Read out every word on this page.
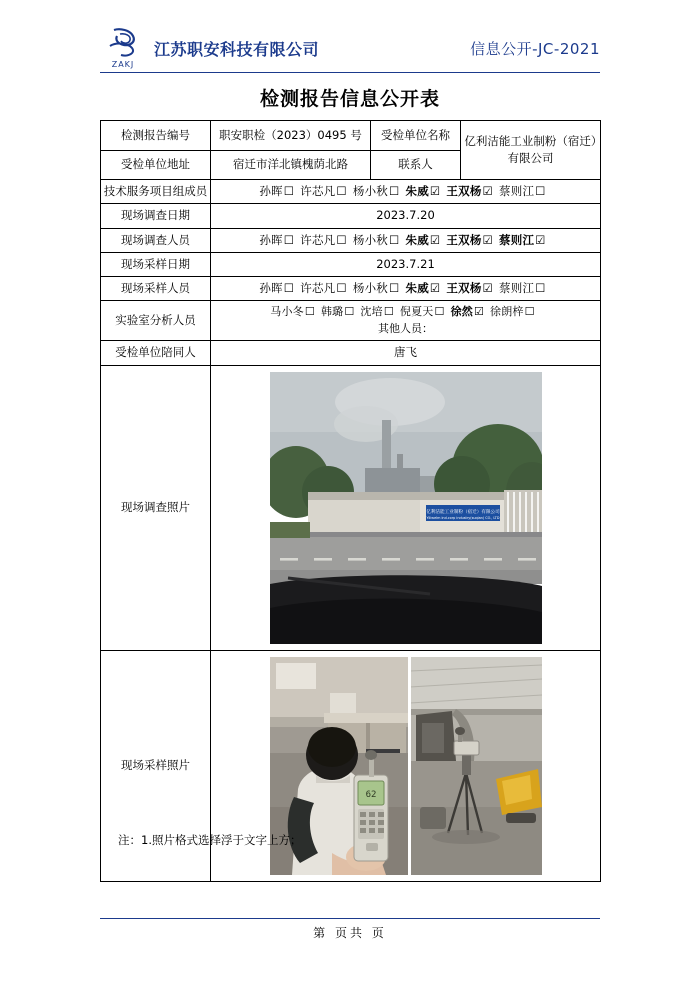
ZAKJ
江苏职安科技有限公司	信息公开-JC-2021
检测报告信息公开表
检测报告编号	职安职检（2023）0495 号	受检单位名称	亿利洁能工业制粉（宿迁）有限公司
受检单位地址	宿迁市洋北镇槐荫北路	联系人	
技术服务项目组成员	孙晖☐ 许芯凡☐ 杨小秋☐ 朱威☑ 王双杨☑ 蔡则江☐		
现场调查日期	2023.7.20		
现场调查人员	孙晖☐ 许芯凡☐ 杨小秋☐ 朱威☑ 王双杨☑ 蔡则江☑		
现场采样日期	2023.7.21		
现场采样人员	孙晖☐ 许芯凡☐ 杨小秋☐ 朱威☑ 王双杨☑ 蔡则江☐		
实验室分析人员	马小冬☐ 韩璐☐ 沈培☐ 倪夏天☐ 徐然☑ 徐朗梓☐
其他人员：		

受检单位陪同人	唐飞		
现场调查照片	亿利洁能工业制粉（宿迁）有限公司
Yiliwelm ind.corp industry(suqian) CO., LTD		

现场采样照片	62		
注：1.照片格式选择浮于文字上方；
第 页共 页
